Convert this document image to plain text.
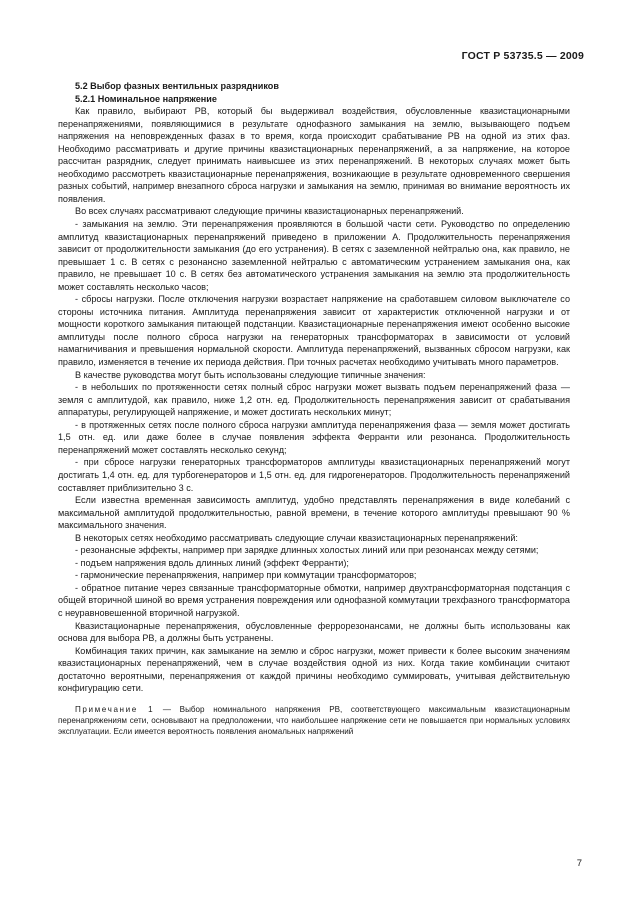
ГОСТ Р 53735.5 — 2009

5.2 Выбор фазных вентильных разрядников

5.2.1 Номинальное напряжение

Как правило, выбирают РВ, который бы выдерживал воздействия, обусловленные квазистационарными перенапряжениями, появляющимися в результате однофазного замыкания на землю, вызывающего подъем напряжения на неповрежденных фазах в то время, когда происходит срабатывание РВ на одной из этих фаз. Необходимо рассматривать и другие причины квазистационарных перенапряжений, а за напряжение, на которое рассчитан разрядник, следует принимать наивысшее из этих перенапряжений. В некоторых случаях может быть необходимо рассмотреть квазистационарные перенапряжения, возникающие в результате одновременного свершения разных событий, например внезапного сброса нагрузки и замыкания на землю, принимая во внимание вероятность их появления.

Во всех случаях рассматривают следующие причины квазистационарных перенапряжений.

- замыкания на землю. Эти перенапряжения проявляются в большой части сети. Руководство по определению амплитуд квазистационарных перенапряжений приведено в приложении А. Продолжительность перенапряжения зависит от продолжительности замыкания (до его устранения). В сетях с заземленной нейтралью она, как правило, не превышает 1 с. В сетях с резонансно заземленной нейтралью с автоматическим устранением замыкания она, как правило, не превышает 10 с. В сетях без автоматического устранения замыкания на землю эта продолжительность может составлять несколько часов;

- сбросы нагрузки. После отключения нагрузки возрастает напряжение на сработавшем силовом выключателе со стороны источника питания. Амплитуда перенапряжения зависит от характеристик отключенной нагрузки и от мощности короткого замыкания питающей подстанции. Квазистационарные перенапряжения имеют особенно высокие амплитуды после полного сброса нагрузки на генераторных трансформаторах в зависимости от условий намагничивания и превышения нормальной скорости. Амплитуда перенапряжений, вызванных сбросом нагрузки, как правило, изменяется в течение их периода действия. При точных расчетах необходимо учитывать много параметров.

В качестве руководства могут быть использованы следующие типичные значения:

- в небольших по протяженности сетях полный сброс нагрузки может вызвать подъем перенапряжений фаза — земля с амплитудой, как правило, ниже 1,2 отн. ед. Продолжительность перенапряжения зависит от срабатывания аппаратуры, регулирующей напряжение, и может достигать нескольких минут;

- в протяженных сетях после полного сброса нагрузки амплитуда перенапряжения фаза — земля может достигать 1,5 отн. ед. или даже более в случае появления эффекта Ферранти или резонанса. Продолжительность перенапряжений может составлять несколько секунд;

- при сбросе нагрузки генераторных трансформаторов амплитуды квазистационарных перенапряжений могут достигать 1,4 отн. ед. для турбогенераторов и 1,5 отн. ед. для гидрогенераторов. Продолжительность перенапряжений составляет приблизительно 3 с.

Если известна временная зависимость амплитуд, удобно представлять перенапряжения в виде колебаний с максимальной амплитудой продолжительностью, равной времени, в течение которого амплитуды превышают 90 % максимального значения.

В некоторых сетях необходимо рассматривать следующие случаи квазистационарных перенапряжений:

- резонансные эффекты, например при зарядке длинных холостых линий или при резонансах между сетями;

- подъем напряжения вдоль длинных линий (эффект Ферранти);

- гармонические перенапряжения, например при коммутации трансформаторов;

- обратное питание через связанные трансформаторные обмотки, например двухтрансформаторная подстанция с общей вторичной шиной во время устранения повреждения или однофазной коммутации трехфазного трансформатора с неуравновешенной вторичной нагрузкой.

Квазистационарные перенапряжения, обусловленные феррорезонансами, не должны быть использованы как основа для выбора РВ, а должны быть устранены.

Комбинация таких причин, как замыкание на землю и сброс нагрузки, может привести к более высоким значениям квазистационарных перенапряжений, чем в случае воздействия одной из них. Когда такие комбинации считают достаточно вероятными, перенапряжения от каждой причины необходимо суммировать, учитывая действительную конфигурацию сети.

Примечание 1 — Выбор номинального напряжения РВ, соответствующего максимальным квазистационарным перенапряжениям сети, основывают на предположении, что наибольшее напряжение сети не повышается при нормальных условиях эксплуатации. Если имеется вероятность появления аномальных напряжений

7
